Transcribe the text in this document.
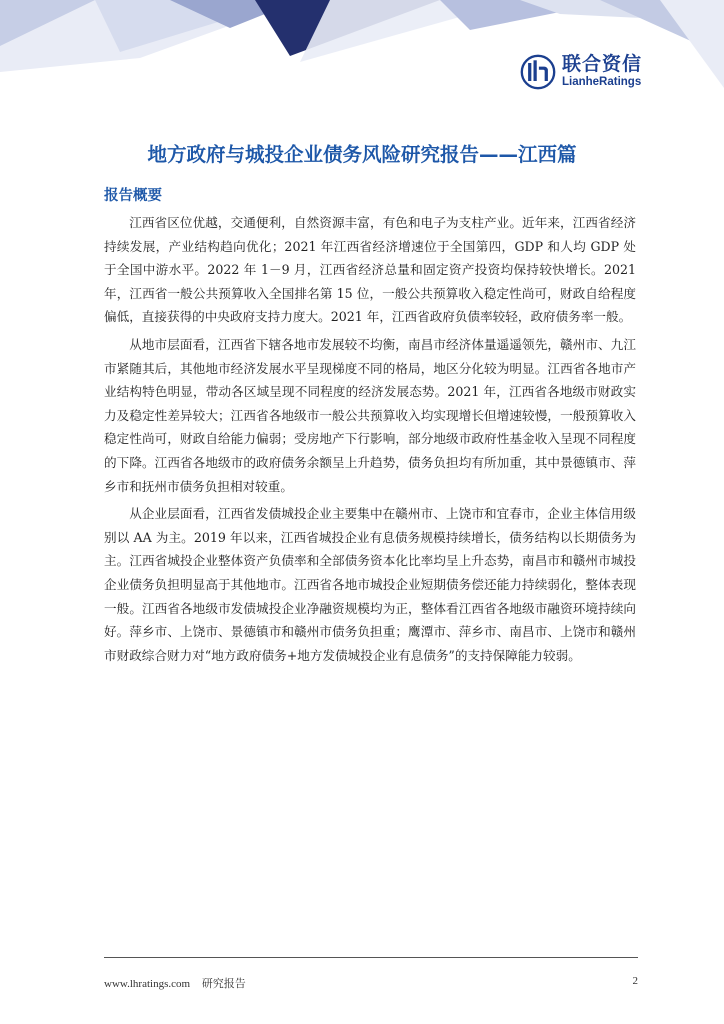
联合资信
LianheRatings
地方政府与城投企业债务风险研究报告——江西篇
报告概要

江西省区位优越，交通便利，自然资源丰富，有色和电子为支柱产业。近年来，江西省经济持续发展，产业结构趋向优化；2021 年江西省经济增速位于全国第四，GDP 和人均 GDP 处于全国中游水平。2022 年 1－9 月，江西省经济总量和固定资产投资均保持较快增长。2021 年，江西省一般公共预算收入全国排名第 15 位，一般公共预算收入稳定性尚可，财政自给程度偏低，直接获得的中央政府支持力度大。2021 年，江西省政府负债率较轻，政府债务率一般。

从地市层面看，江西省下辖各地市发展较不均衡，南昌市经济体量遥遥领先，赣州市、九江市紧随其后，其他地市经济发展水平呈现梯度不同的格局，地区分化较为明显。江西省各地市产业结构特色明显，带动各区域呈现不同程度的经济发展态势。2021 年，江西省各地级市财政实力及稳定性差异较大；江西省各地级市一般公共预算收入均实现增长但增速较慢，一般预算收入稳定性尚可，财政自给能力偏弱；受房地产下行影响，部分地级市政府性基金收入呈现不同程度的下降。江西省各地级市的政府债务余额呈上升趋势，债务负担均有所加重，其中景德镇市、萍乡市和抚州市债务负担相对较重。

从企业层面看，江西省发债城投企业主要集中在赣州市、上饶市和宜春市，企业主体信用级别以 AA 为主。2019 年以来，江西省城投企业有息债务规模持续增长，债务结构以长期债务为主。江西省城投企业整体资产负债率和全部债务资本化比率均呈上升态势，南昌市和赣州市城投企业债务负担明显高于其他地市。江西省各地市城投企业短期债务偿还能力持续弱化，整体表现一般。江西省各地级市发债城投企业净融资规模均为正，整体看江西省各地级市融资环境持续向好。萍乡市、上饶市、景德镇市和赣州市债务负担重；鹰潭市、萍乡市、南昌市、上饶市和赣州市财政综合财力对“地方政府债务+地方发债城投企业有息债务”的支持保障能力较弱。

www.lhratings.com 研究报告	2
